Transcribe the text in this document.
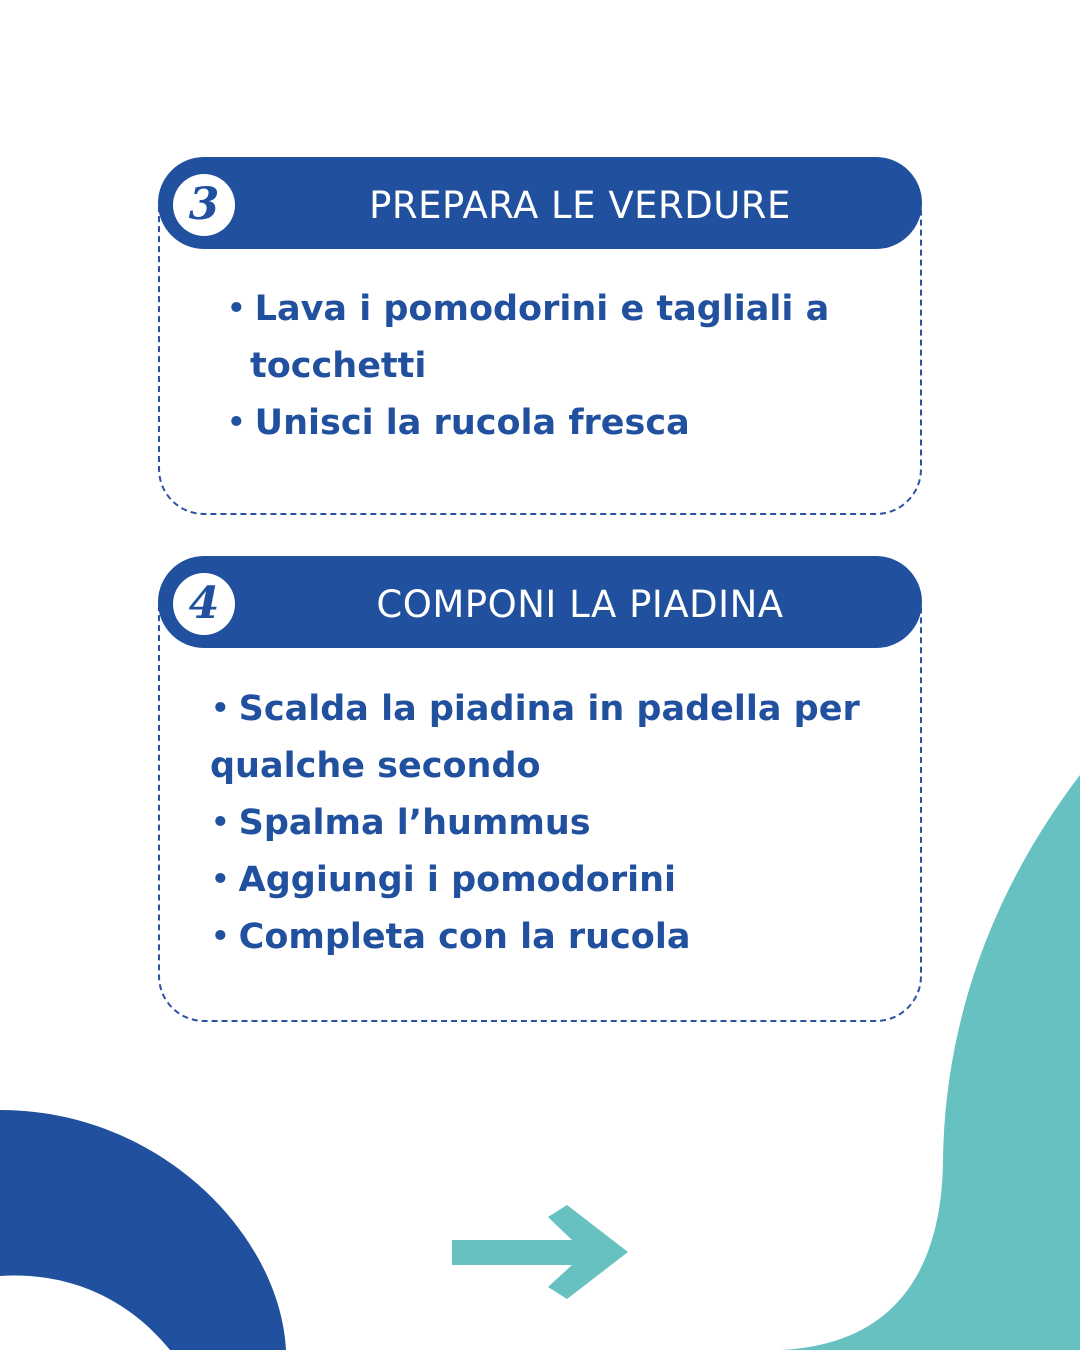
3	PREPARA LE VERDURE
• Lava i pomodorini e tagliali a tocchetti
• Unisci la rucola fresca
4	COMPONI LA PIADINA
• Scalda la piadina in padella per qualche secondo
• Spalma l’hummus
• Aggiungi i pomodorini
• Completa con la rucola
